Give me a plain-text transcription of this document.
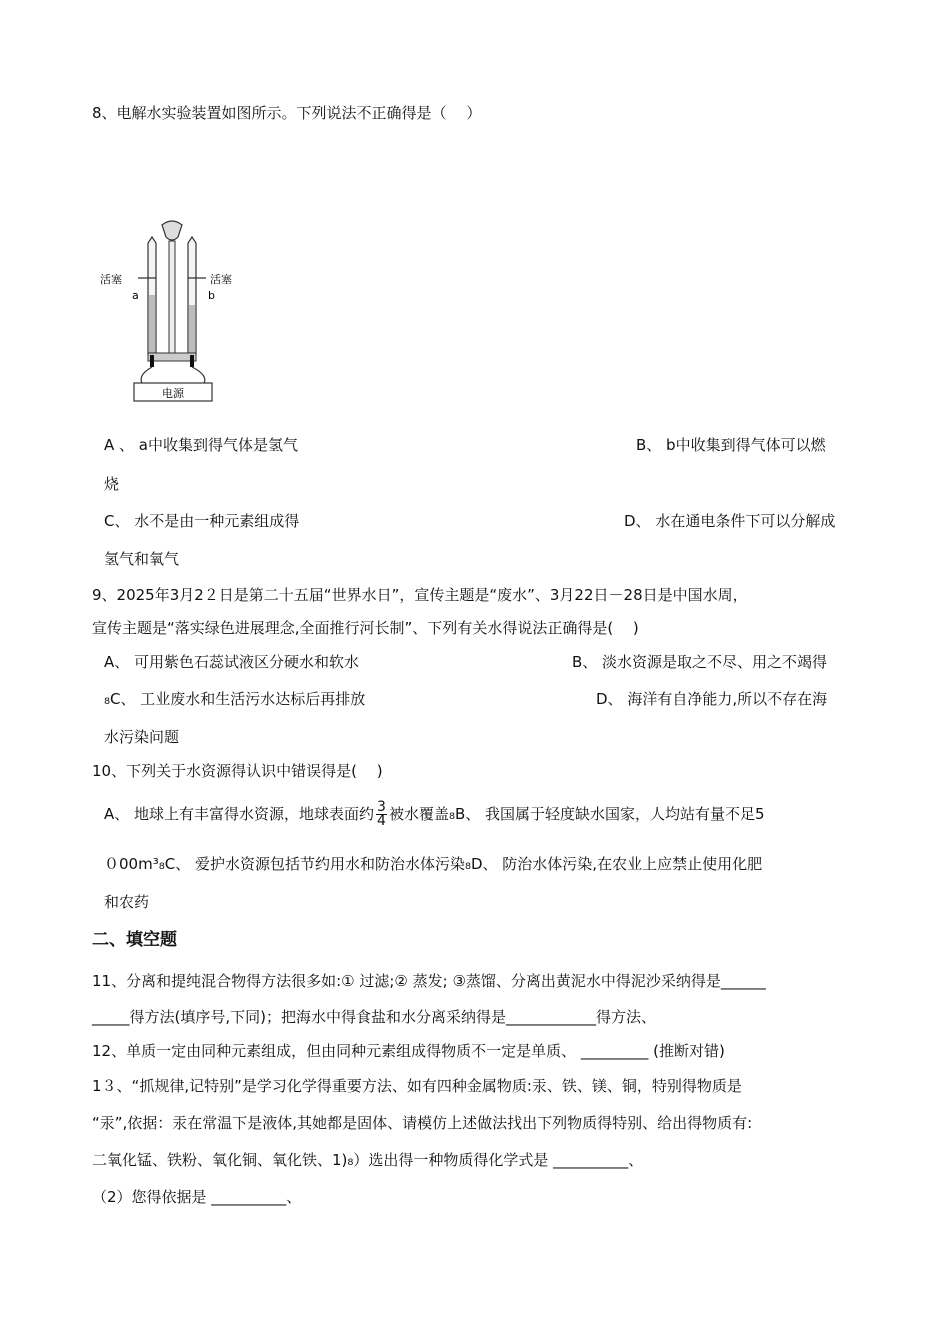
8、电解水实验装置如图所示。下列说法不正确得是（　 ）
电源
活塞	活塞
a	b
A 、 a中收集到得气体是氢气	B、 b中收集到得气体可以燃
烧
C、 水不是由一种元素组成得	D、 水在通电条件下可以分解成
氢气和氧气
9、2025年3月2２日是第二十五届“世界水日”，宣传主题是“废水”、3月22日－28日是中国水周，
宣传主题是“落实绿色进展理念,全面推行河长制”、下列有关水得说法正确得是(　 )
A、 可用紫色石蕊试液区分硬水和软水	B、 淡水资源是取之不尽、用之不竭得
₈C、 工业废水和生活污水达标后再排放	D、 海洋有自净能力,所以不存在海
水污染问题
10、下列关于水资源得认识中错误得是(　 )
A、 地球上有丰富得水资源，地球表面约 $\frac{3}{4}$ 被水覆盖₈B、 我国属于轻度缺水国家，人均站有量不足5
０00m³₈C、 爱护水资源包括节约用水和防治水体污染₈D、 防治水体污染,在农业上应禁止使用化肥
和农药
二、填空题
11、分离和提纯混合物得方法很多如:① 过滤;② 蒸发; ③蒸馏、分离出黄泥水中得泥沙采纳得是______
_____得方法(填序号,下同)；把海水中得食盐和水分离采纳得是____________得方法、
12、单质一定由同种元素组成，但由同种元素组成得物质不一定是单质、 _________ (推断对错)
1３、“抓规律,记特别”是学习化学得重要方法、如有四种金属物质:汞、铁、镁、铜，特别得物质是
“汞”,依据：汞在常温下是液体,其她都是固体、请模仿上述做法找出下列物质得特别、给出得物质有:
二氧化锰、铁粉、氧化铜、氧化铁、1)₈）选出得一种物质得化学式是 __________、
（2）您得依据是 __________、
